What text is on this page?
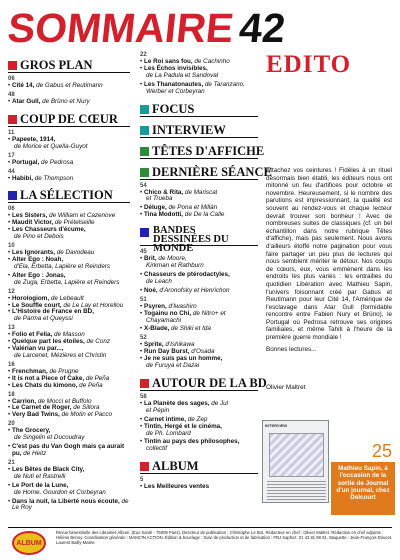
SOMMAIRE42
GROS PLAN
06
• Cité 14, de Gabus et Reutimann
48
• Atar Gull, de Brüno et Nury
COUP DE CŒUR
11
• Papeete, 1914,
de Morice et Quella-Guyot
17
• Portugal, de Pedrosa
44
• Habibi, de Thompson
LA SÉLECTION
06
• Les Sisters, de William et Cazenove
• Maudit Victor, de Prételseille
• Les Chasseurs d'écume,
de Pino et Debois
10
• Les Ignorants, de Davodeau
• Alter Ego : Noah,
d'Ela, Erbetta, Lapière et Reinders
• Alter Ego : Jonas,
de Zuga, Erbetta, Lapière et Reinders
12
• Horologiom, de Lebeault
• Le Souffle court, de Le Lay et Horellou
• L'Histoire de France en BD,
de Parma et Queyssi
13
• Folio et Felia, de Masson
• Quelque part les étoiles, de Conz
• Valérian vu par...,
de Larcenet, Mézières et Christin
16
• Frenchman, de Prugne
• It is not a Piece of Cake, de Peña
• Les Chats du kimono, de Peña
18
• Carrion, de Mocci et Buffolo
• Le Carnet de Roger, de Sillora
• Very Bad Twins, de Motin et Pacco
20
• The Grocery,
de Singelin et Ducoudray
• C'est pas du Van Gogh mais ça aurait pu, de Heitz
21
• Les Bêtes de Black City,
de Nuti et Rastrelli
• Le Port de la Lune,
de Home, Gourdon et Corbeyran
• Dans la nuit, la Liberté nous écoute, de Le Roy
22
• Le Roi sans fou, de Cachinho
• Les Échos invisibles,
de La Padula et Sandoval
• Les Thanatonautes, de Taranzano,
Werber et Corbeyran
FOCUS
INTERVIEW
TÊTES D'AFFICHE
DERNIÈRE SÉANCE
54
• Chico & Rita, de Mariscal
et Trueba
• Déluge, de Pona et Millán
• Tina Modotti, de De la Calle
BANDES DESSINÉES DU MONDE
45
• Brit, de Moore,
Kirkman et Rathburn
• Chasseurs de ptérodactyles,
de Leach
• Noé, d'Aronofsky et Henrichon
51
• Psyren, d'Iwashiro
• Togainu no Chi, de Nitro+ et
Chayamachi
• X-Blade, de Shiki et Ida
52
• Sprite, d'Ishikawa
• Run Day Burst, d'Osada
• Je ne suis pas un homme,
de Furuya et Dazai
AUTOUR DE LA BD
58
• La Planète des sages, de Jul
et Pépin
• Carnet intime, de Zep
• Tintin, Hergé et le cinéma,
de Ph. Lombard
• Tintin au pays des philosophes,
collectif
ALBUM
5
• Les Meilleures ventes
EDITO

Attachez vos ceintures ! Fidèles à un rituel désormais bien établi, les éditeurs nous ont mitonné un feu d'artifices pour octobre et novembre. Heureusement, si le nombre des parutions est impressionnant, la qualité est souvent au rendez-vous et chaque lecteur devrait trouver son bonheur ! Avec de nombreuses suites de classiques (cf. un bel échantillon dans notre rubrique Têtes d'affiche), mais pas seulement. Nous avons d'ailleurs étoffé notre pagination pour vous faire partager un peu plus de lectures qui nous semblent mériter le détour. Nos coups de cœurs, eux, vous emmènent dans les endroits les plus variés : les entrailles du quotidien Libération avec Mathieu Sapin, l'univers foisonnant créé par Gabus et Reutimann pour leur Cité 14, l'Amérique de l'esclavage dans Atar Gull (formidable rencontre entre Fabien Nury et Brüno), le Portugal où Pedrosa retrouve ses origines familiales, et même Tahiti à l'heure de la première guerre mondiale !

Bonnes lectures...

Olivier Maltret
INTERVIEW
25
Mathieu Sapin, à l'occasion de la sortie de Journal d'un journal, chez Delcourt
ALBUM
Revue bimestrielle des Librairies Album. (Eux Santé - 75009 Paris). Directeur de publication : Christophe Le Bot. Rédacteur en chef : Olivier Maltret. Rédaction en chef adjointe : Hélène Benoy. Coordination générale : MAKE'IN ACTION. Édition & bouclage : Suivi de production et de fabrication : FRJ Saphoz. 01 43 81 88 91. Maquette : Jean-François Doucet. Laurent Bailly-Maitre.
